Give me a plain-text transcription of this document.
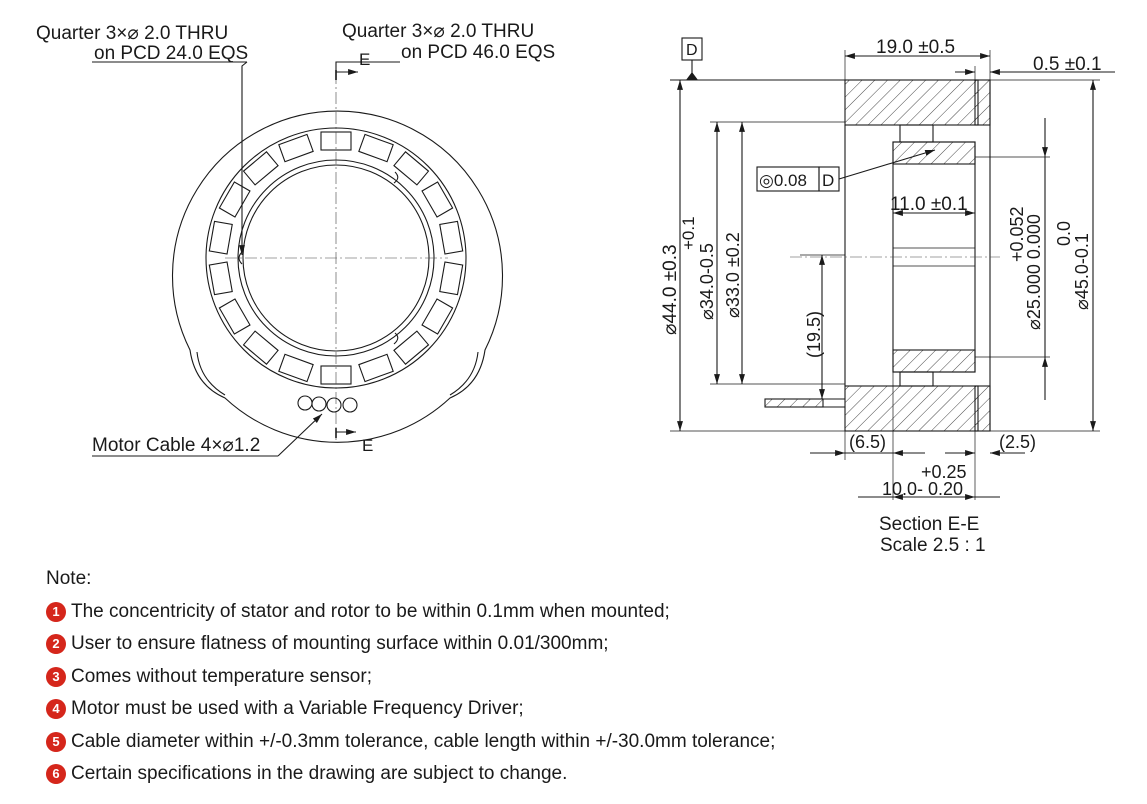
E
E
Quarter 3×⌀ 2.0 THRU
on PCD 24.0 EQS
Quarter 3×⌀ 2.0 THRU
on PCD 46.0 EQS
Motor Cable 4×⌀1.2
D	19.0 ±0.5
0.5 ±0.1
⌀44.0 ±0.3
+0.1
⌀34.0-0.5 ⌀33.0 ±0.2
(19.5)
◎0.08 D
11.0 ±0.1
+0.052
⌀25.000 0.000 0.0
⌀45.0-0.1
(6.5)	(2.5)
+0.25
10.0- 0.20
Section E-E
Scale 2.5 : 1

Note:

1 The concentricity of stator and rotor to be within 0.1mm when mounted;
2 User to ensure flatness of mounting surface within 0.01/300mm;
3 Comes without temperature sensor;
4 Motor must be used with a Variable Frequency Driver;
5 Cable diameter within +/-0.3mm tolerance, cable length within +/-30.0mm tolerance;
6 Certain specifications in the drawing are subject to change.
